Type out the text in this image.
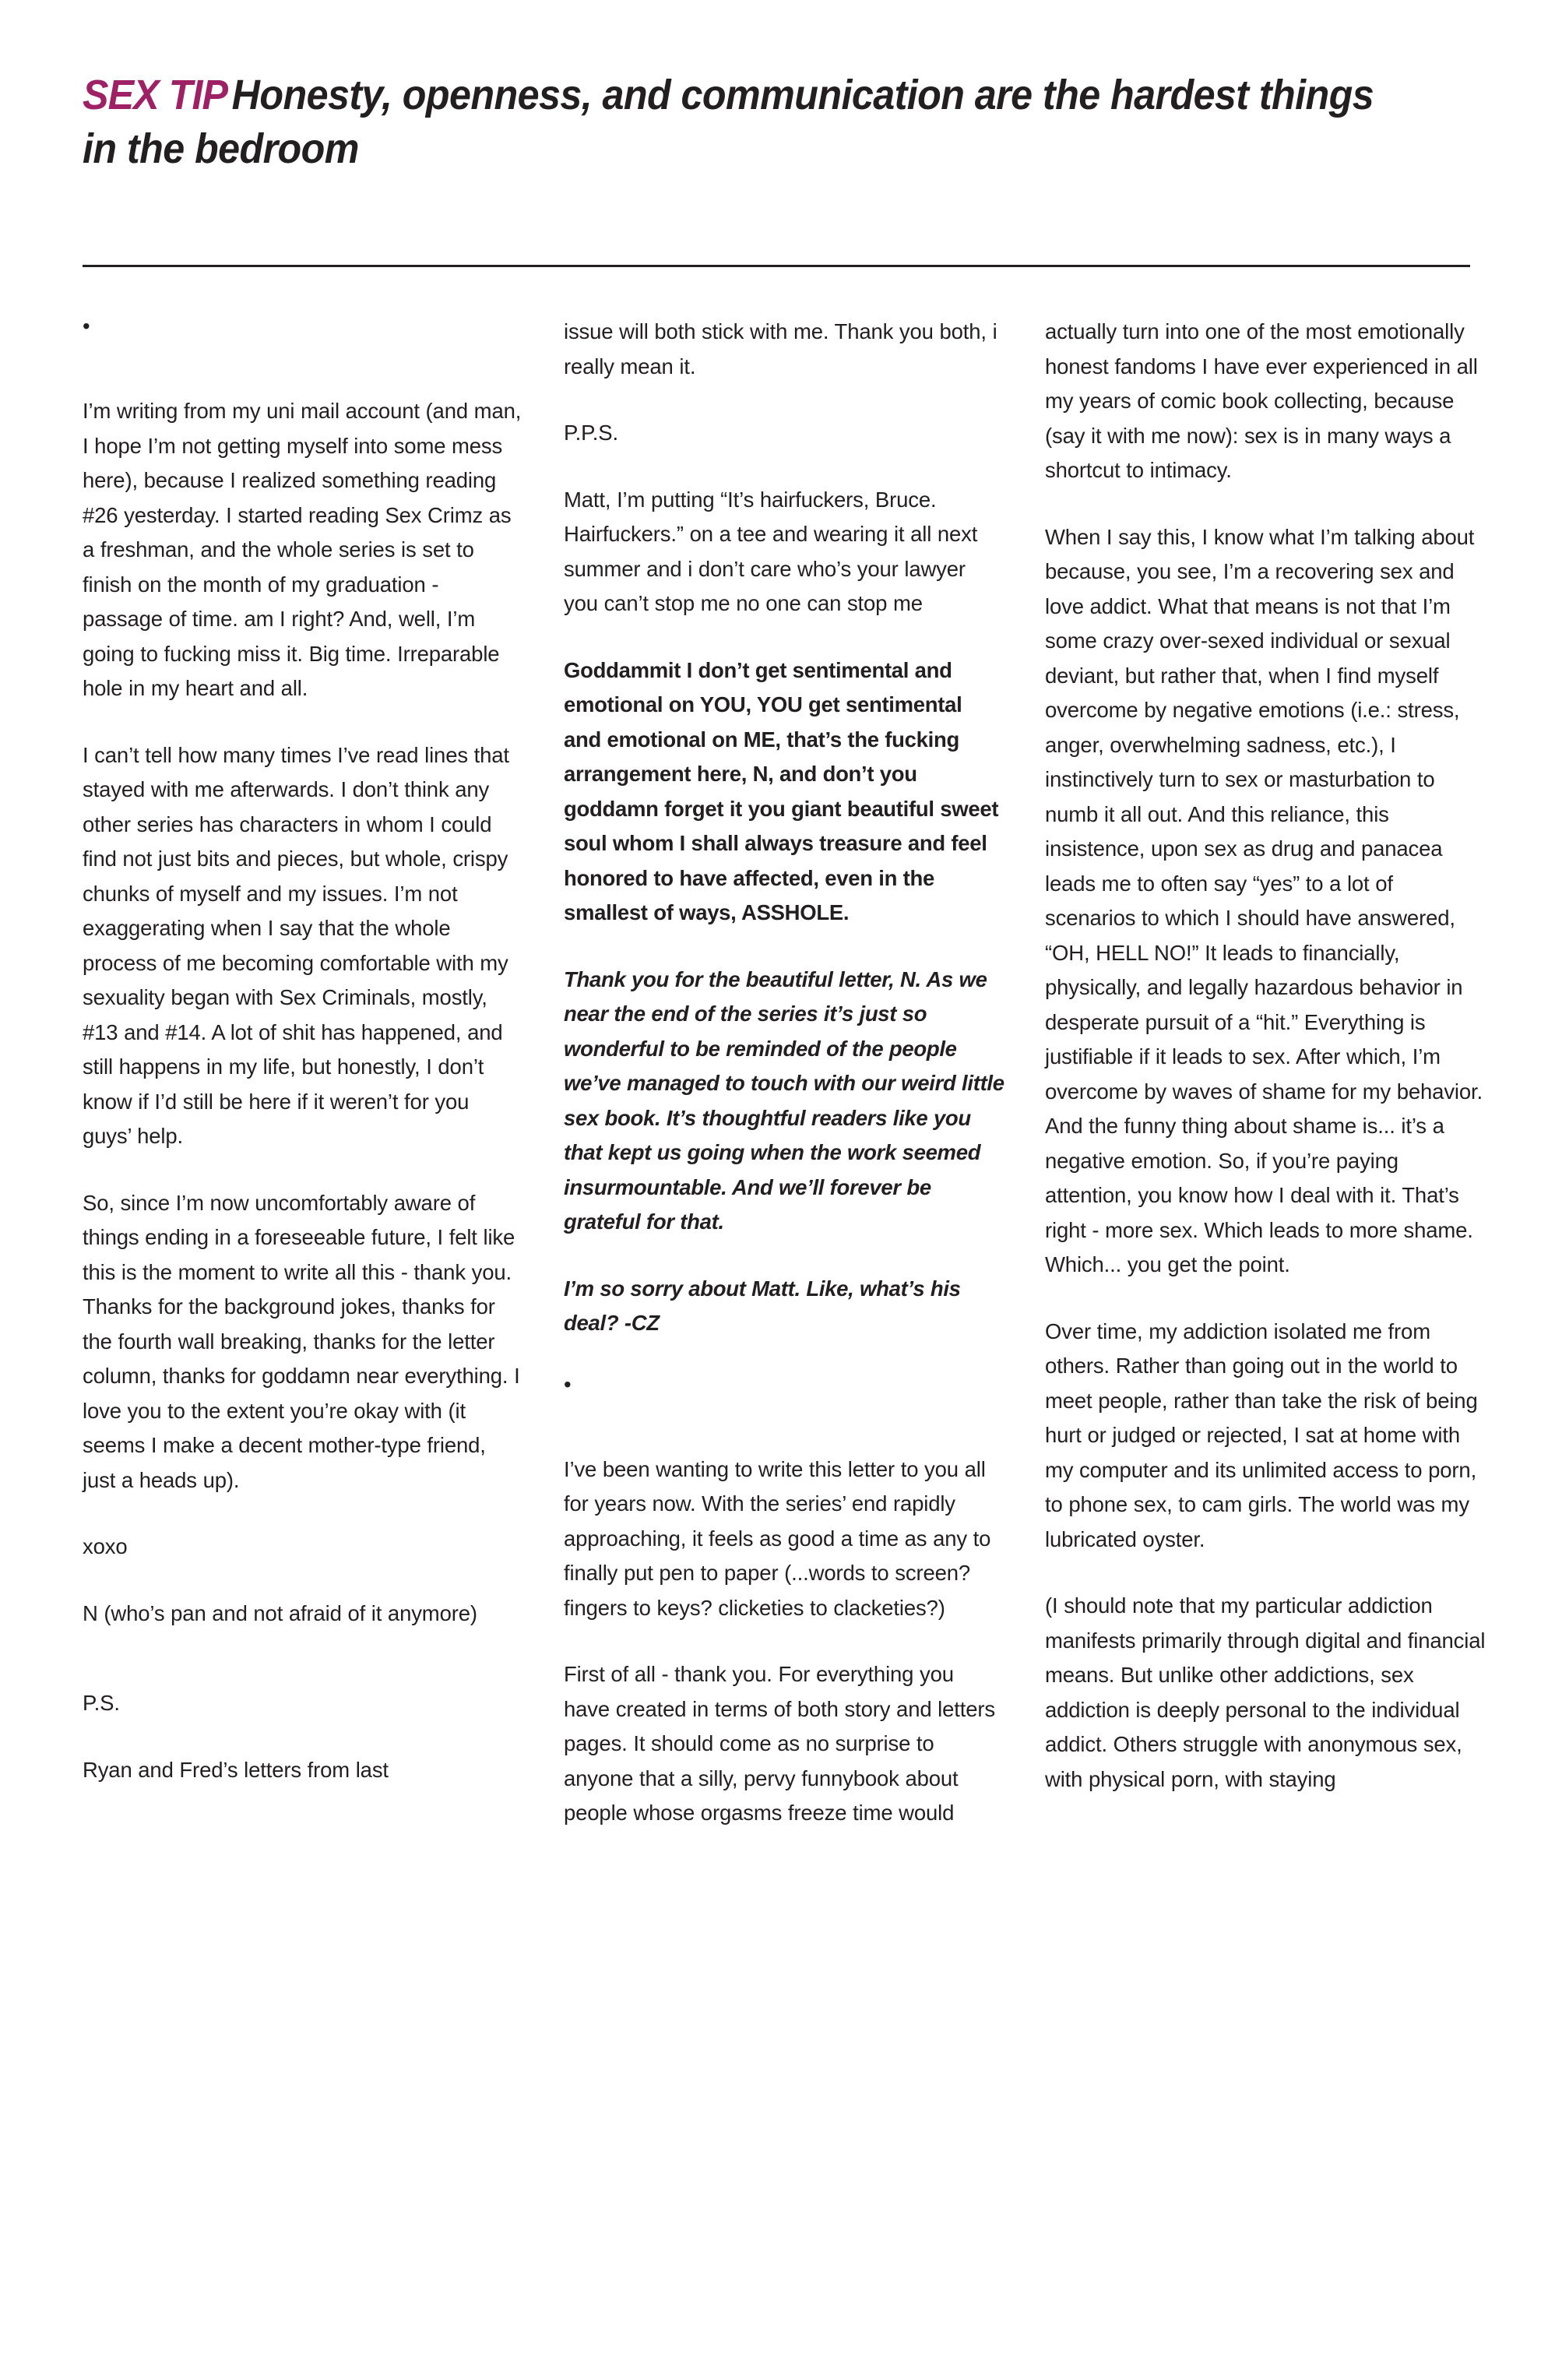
SEX TIP Honesty, openness, and communication are the hardest things in the bedroom
•

I’m writing from my uni mail account (and man, I hope I’m not getting myself into some mess here), because I realized something reading #26 yesterday. I started reading Sex Crimz as a freshman, and the whole series is set to finish on the month of my graduation - passage of time. am I right? And, well, I’m going to fucking miss it. Big time. Irreparable hole in my heart and all.

I can’t tell how many times I’ve read lines that stayed with me afterwards. I don’t think any other series has characters in whom I could find not just bits and pieces, but whole, crispy chunks of myself and my issues. I’m not exaggerating when I say that the whole process of me becoming comfortable with my sexuality began with Sex Criminals, mostly, #13 and #14. A lot of shit has happened, and still happens in my life, but honestly, I don’t know if I’d still be here if it weren’t for you guys’ help.

So, since I’m now uncomfortably aware of things ending in a foreseeable future, I felt like this is the moment to write all this - thank you. Thanks for the background jokes, thanks for the fourth wall breaking, thanks for the letter column, thanks for goddamn near everything. I love you to the extent you’re okay with (it seems I make a decent mother-type friend, just a heads up).

xoxo

N (who’s pan and not afraid of it anymore)

P.S.

Ryan and Fred’s letters from last

issue will both stick with me. Thank you both, i really mean it.

P.P.S.

Matt, I’m putting “It’s hairfuckers, Bruce. Hairfuckers.” on a tee and wearing it all next summer and i don’t care who’s your lawyer you can’t stop me no one can stop me

Goddammit I don’t get sentimental and emotional on YOU, YOU get sentimental and emotional on ME, that’s the fucking arrangement here, N, and don’t you goddamn forget it you giant beautiful sweet soul whom I shall always treasure and feel honored to have affected, even in the smallest of ways, ASSHOLE.

Thank you for the beautiful letter, N. As we near the end of the series it’s just so wonderful to be reminded of the people we’ve managed to touch with our weird little sex book. It’s thoughtful readers like you that kept us going when the work seemed insurmountable. And we’ll forever be grateful for that.

I’m so sorry about Matt. Like, what’s his deal? -CZ

•

I’ve been wanting to write this letter to you all for years now. With the series’ end rapidly approaching, it feels as good a time as any to finally put pen to paper (...words to screen? fingers to keys? clicketies to clacketies?)

First of all - thank you. For everything you have created in terms of both story and letters pages. It should come as no surprise to anyone that a silly, pervy funnybook about people whose orgasms freeze time would

actually turn into one of the most emotionally honest fandoms I have ever experienced in all my years of comic book collecting, because (say it with me now): sex is in many ways a shortcut to intimacy.

When I say this, I know what I’m talking about because, you see, I’m a recovering sex and love addict. What that means is not that I’m some crazy over-sexed individual or sexual deviant, but rather that, when I find myself overcome by negative emotions (i.e.: stress, anger, overwhelming sadness, etc.), I instinctively turn to sex or masturbation to numb it all out. And this reliance, this insistence, upon sex as drug and panacea leads me to often say “yes” to a lot of scenarios to which I should have answered, “OH, HELL NO!” It leads to financially, physically, and legally hazardous behavior in desperate pursuit of a “hit.” Everything is justifiable if it leads to sex. After which, I’m overcome by waves of shame for my behavior. And the funny thing about shame is... it’s a negative emotion. So, if you’re paying attention, you know how I deal with it. That’s right - more sex. Which leads to more shame. Which... you get the point.

Over time, my addiction isolated me from others. Rather than going out in the world to meet people, rather than take the risk of being hurt or judged or rejected, I sat at home with my computer and its unlimited access to porn, to phone sex, to cam girls. The world was my lubricated oyster.

(I should note that my particular addiction manifests primarily through digital and financial means. But unlike other addictions, sex addiction is deeply personal to the individual addict. Others struggle with anonymous sex, with physical porn, with staying
